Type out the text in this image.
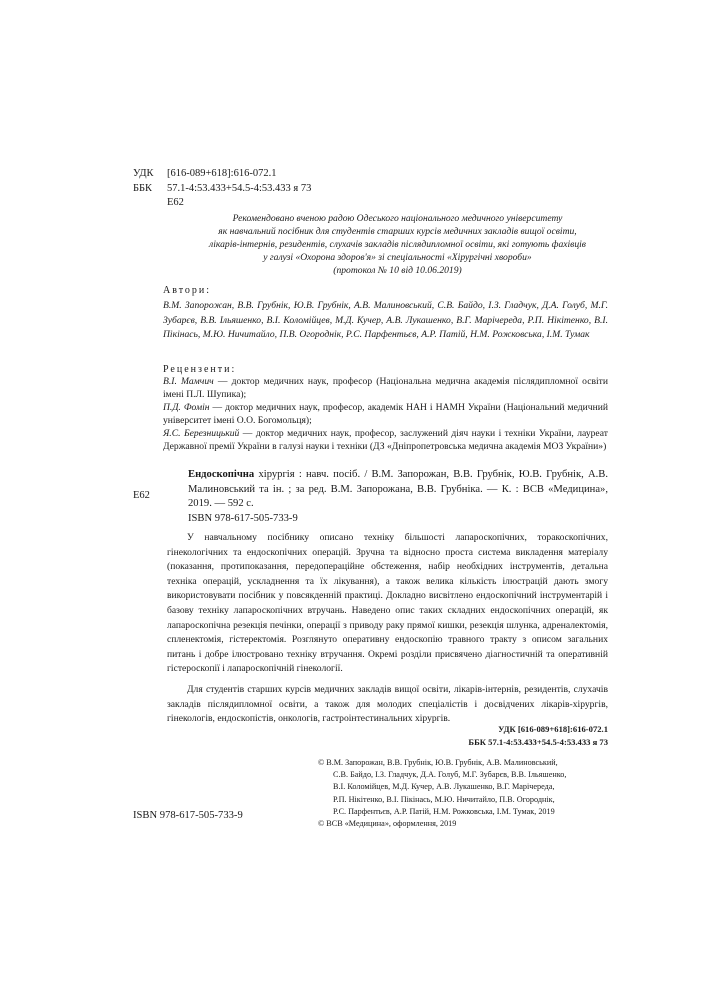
УДК	[616-089+618]:616-072.1
ББК	57.1-4:53.433+54.5-4:53.433 я 73
Е62
Рекомендовано вченою радою Одеського національного медичного університету
як навчальний посібник для студентів старших курсів медичних закладів вищої освіти,
лікарів-інтернів, резидентів, слухачів закладів післядипломної освіти, які готують фахівців
у галузі «Охорона здоров'я» зі спеціальності «Хірургічні хвороби»
(протокол № 10 від 10.06.2019)

Автори:

В.М. Запорожан, В.В. Грубнік, Ю.В. Грубнік, А.В. Малиновський, С.В. Байдо, І.З. Гладчук, Д.А. Голуб, М.Г. Зубарєв, В.В. Ільяшенко, В.І. Коломійцев, М.Д. Кучер, А.В. Лукашенко, В.Г. Марічереда, Р.П. Нікітенко, В.І. Пікінась, М.Ю. Ничитайло, П.В. Огороднік, Р.С. Парфентьєв, А.Р. Патій, Н.М. Рожковська, І.М. Тумак

Рецензенти:

В.І. Мамчич — доктор медичних наук, професор (Національна медична академія післядипломної освіти імені П.Л. Шупика);

П.Д. Фомін — доктор медичних наук, професор, академік НАН і НАМН України (Національний медичний університет імені О.О. Богомольця);

Я.С. Березницький — доктор медичних наук, професор, заслужений діяч науки і техніки України, лауреат Державної премії України в галузі науки і техніки (ДЗ «Дніпропетровська медична академія МОЗ України»)

Е62

Ендоскопічна хірургія : навч. посіб. / В.М. Запорожан, В.В. Грубнік, Ю.В. Грубнік, А.В. Малиновський та ін. ; за ред. В.М. Запорожана, В.В. Грубніка. — К. : ВСВ «Медицина», 2019. — 592 с.

ISBN 978-617-505-733-9

У навчальному посібнику описано техніку більшості лапароскопічних, торакоскопічних, гінекологічних та ендоскопічних операцій. Зручна та відносно проста система викладення матеріалу (показання, протипоказання, передопераційне обстеження, набір необхідних інструментів, детальна техніка операцій, ускладнення та їх лікування), а також велика кількість ілюстрацій дають змогу використовувати посібник у повсякденній практиці. Докладно висвітлено ендоскопічний інструментарій і базову техніку лапароскопічних втручань. Наведено опис таких складних ендоскопічних операцій, як лапароскопічна резекція печінки, операції з приводу раку прямої кишки, резекція шлунка, адреналектомія, спленектомія, гістеректомія. Розглянуто оперативну ендоскопію травного тракту з описом загальних питань і добре ілюстровано техніку втручання. Окремі розділи присвячено діагностичній та оперативній гістероскопії і лапароскопічній гінекології.

Для студентів старших курсів медичних закладів вищої освіти, лікарів-інтернів, резидентів, слухачів закладів післядипломної освіти, а також для молодих спеціалістів і досвідчених лікарів-хірургів, гінекологів, ендоскопістів, онкологів, гастроінтестинальних хірургів.

УДК [616-089+618]:616-072.1
ББК 57.1-4:53.433+54.5-4:53.433 я 73
ISBN 978-617-505-733-9

© В.М. Запорожан, В.В. Грубнік, Ю.В. Грубнік, А.В. Малиновський,

С.В. Байдо, І.З. Гладчук, Д.А. Голуб, М.Г. Зубарєв, В.В. Ільяшенко,

В.І. Коломійцев, М.Д. Кучер, А.В. Лукашенко, В.Г. Марічереда,

Р.П. Нікітенко, В.І. Пікінась, М.Ю. Ничитайло, П.В. Огороднік,

Р.С. Парфентьєв, А.Р. Патій, Н.М. Рожковська, І.М. Тумак, 2019

© ВСВ «Медицина», оформлення, 2019
